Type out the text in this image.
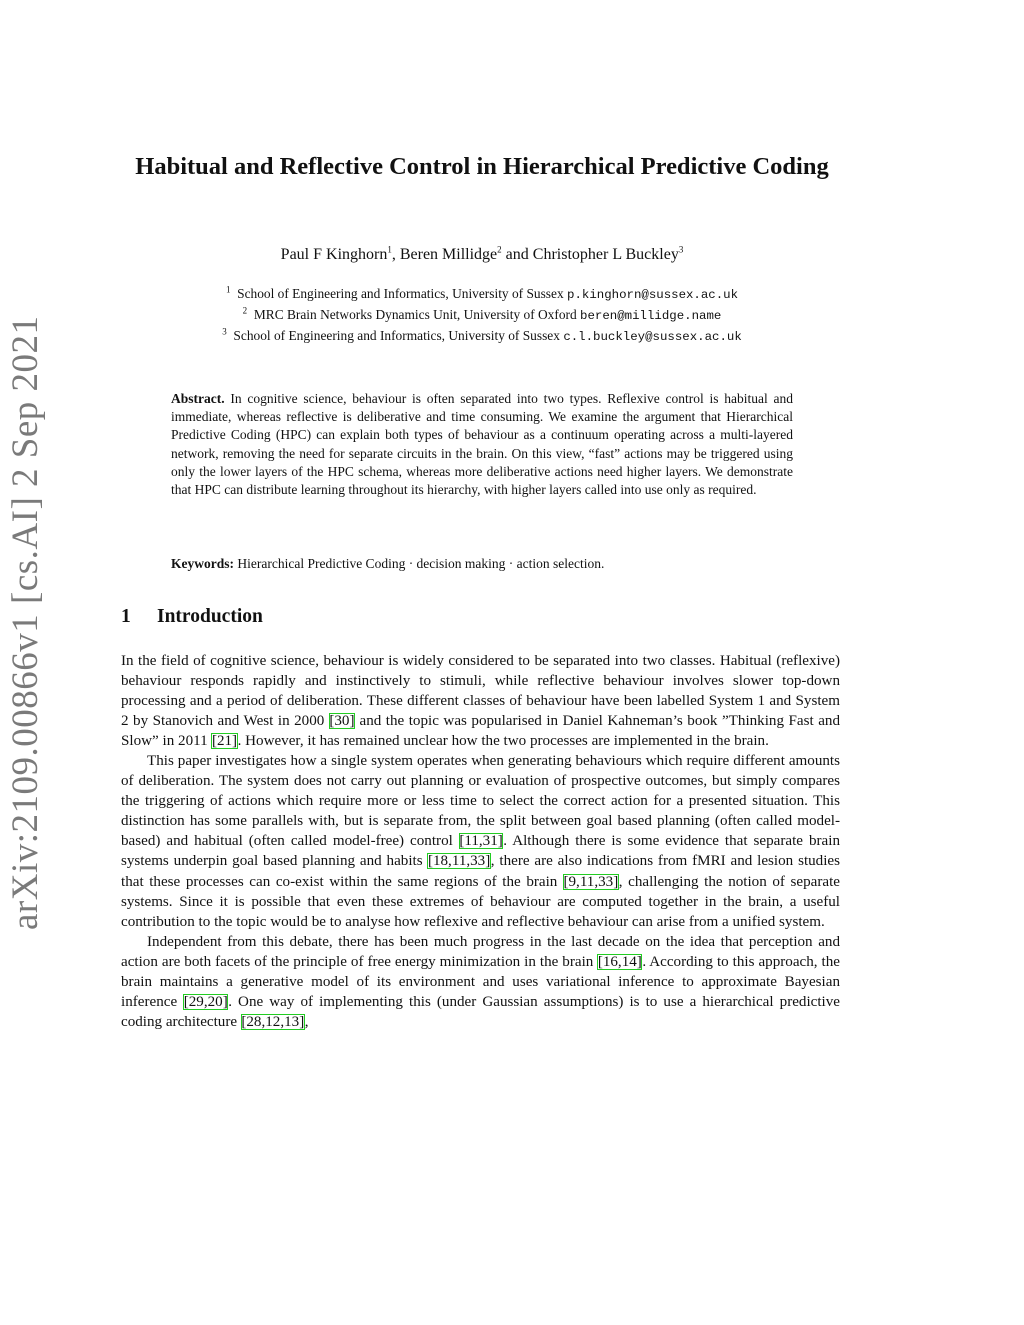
arXiv:2109.00866v1 [cs.AI] 2 Sep 2021
Habitual and Reflective Control in Hierarchical Predictive Coding
Paul F Kinghorn$^1$, Beren Millidge$^2$ and Christopher L Buckley$^3$
$^1$ School of Engineering and Informatics, University of Sussex p.kinghorn@sussex.ac.uk
$^2$ MRC Brain Networks Dynamics Unit, University of Oxford beren@millidge.name
$^3$ School of Engineering and Informatics, University of Sussex c.l.buckley@sussex.ac.uk
Abstract. In cognitive science, behaviour is often separated into two types. Reflexive control is habitual and immediate, whereas reflective is deliberative and time consuming. We examine the argument that Hierarchical Predictive Coding (HPC) can explain both types of behaviour as a continuum operating across a multi-layered network, removing the need for separate circuits in the brain. On this view, “fast” actions may be triggered using only the lower layers of the HPC schema, whereas more deliberative actions need higher layers. We demonstrate that HPC can distribute learning throughout its hierarchy, with higher layers called into use only as required.
Keywords: Hierarchical Predictive Coding · decision making · action selection.
1 Introduction

In the field of cognitive science, behaviour is widely considered to be separated into two classes. Habitual (reflexive) behaviour responds rapidly and instinctively to stimuli, while reflective behaviour involves slower top-down processing and a period of deliberation. These different classes of behaviour have been labelled System 1 and System 2 by Stanovich and West in 2000 [30] and the topic was popularised in Daniel Kahneman’s book ”Thinking Fast and Slow” in 2011 [21]. However, it has remained unclear how the two processes are implemented in the brain.

This paper investigates how a single system operates when generating behaviours which require different amounts of deliberation. The system does not carry out planning or evaluation of prospective outcomes, but simply compares the triggering of actions which require more or less time to select the correct action for a presented situation. This distinction has some parallels with, but is separate from, the split between goal based planning (often called model-based) and habitual (often called model-free) control [11,31]. Although there is some evidence that separate brain systems underpin goal based planning and habits [18,11,33], there are also indications from fMRI and lesion studies that these processes can co-exist within the same regions of the brain [9,11,33], challenging the notion of separate systems. Since it is possible that even these extremes of behaviour are computed together in the brain, a useful contribution to the topic would be to analyse how reflexive and reflective behaviour can arise from a unified system.

Independent from this debate, there has been much progress in the last decade on the idea that perception and action are both facets of the principle of free energy minimization in the brain [16,14]. According to this approach, the brain maintains a generative model of its environment and uses variational inference to approximate Bayesian inference [29,20]. One way of implementing this (under Gaussian assumptions) is to use a hierarchical predictive coding architecture [28,12,13],
